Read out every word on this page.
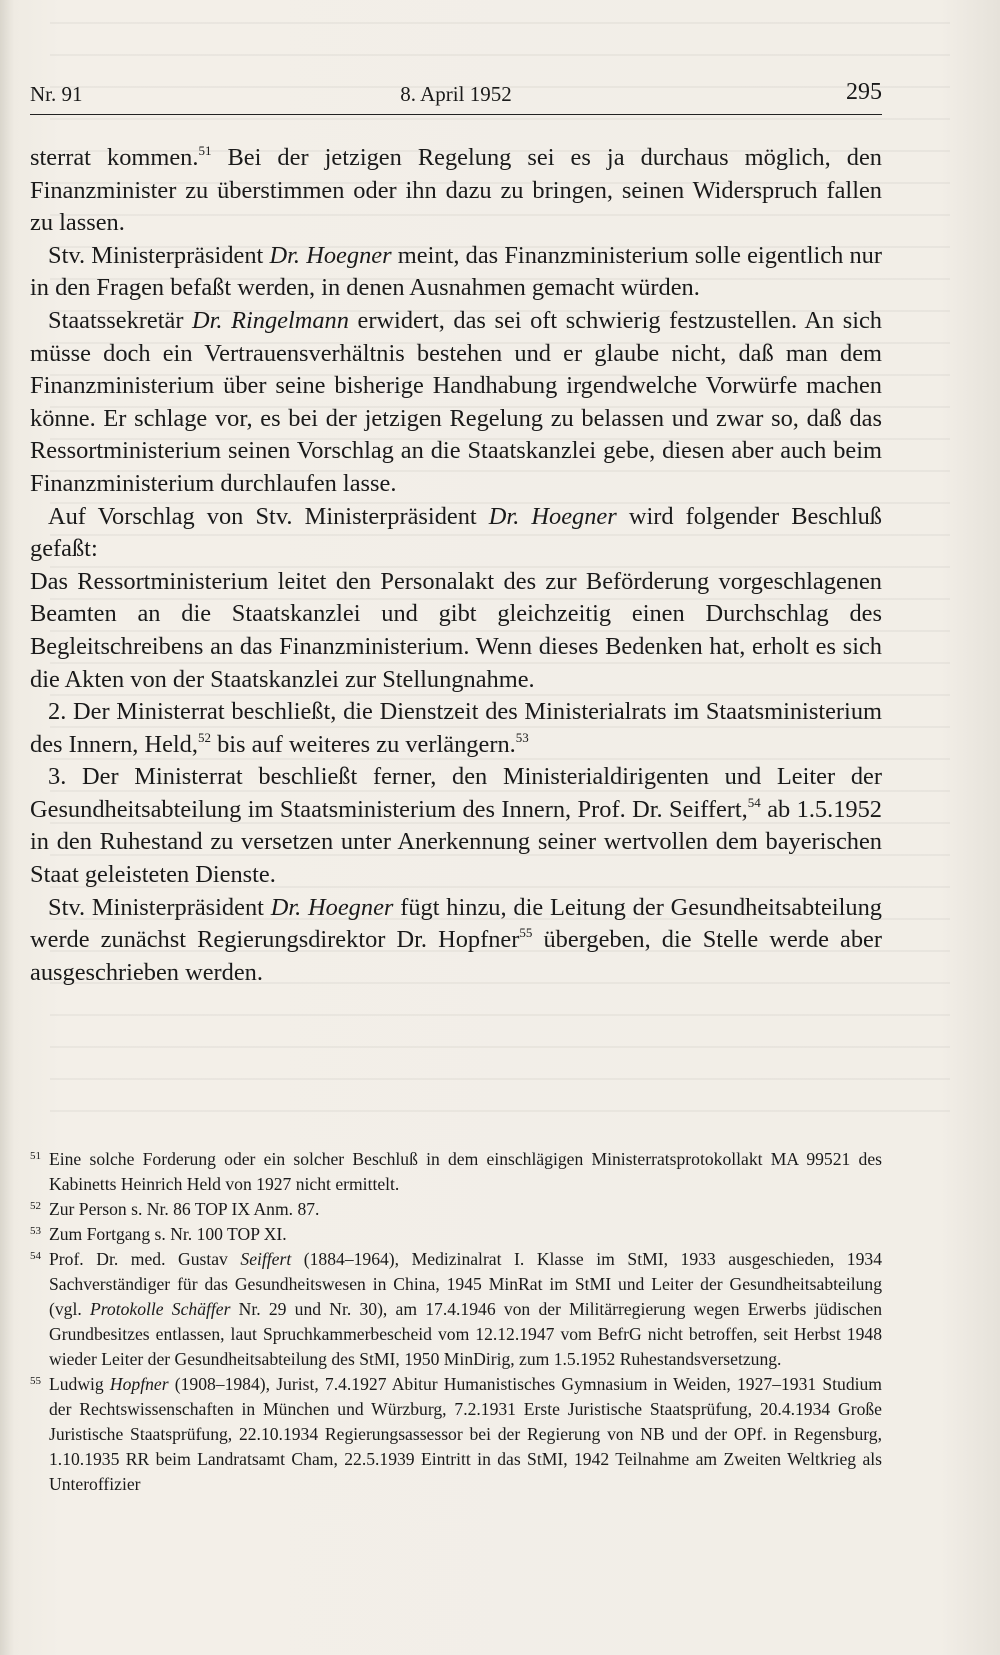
Nr. 91	8. April 1952	295

sterrat kommen.$^{51}$ Bei der jetzigen Regelung sei es ja durchaus möglich, den Finanzminister zu überstimmen oder ihn dazu zu bringen, seinen Widerspruch fallen zu lassen.

Stv. Ministerpräsident Dr. Hoegner meint, das Finanzministerium solle eigentlich nur in den Fragen befaßt werden, in denen Ausnahmen gemacht würden.

Staatssekretär Dr. Ringelmann erwidert, das sei oft schwierig festzustellen. An sich müsse doch ein Vertrauensverhältnis bestehen und er glaube nicht, daß man dem Finanzministerium über seine bisherige Handhabung irgendwelche Vorwürfe machen könne. Er schlage vor, es bei der jetzigen Regelung zu belassen und zwar so, daß das Ressortministerium seinen Vorschlag an die Staatskanzlei gebe, diesen aber auch beim Finanzministerium durchlaufen lasse.

Auf Vorschlag von Stv. Ministerpräsident Dr. Hoegner wird folgender Beschluß gefaßt:

Das Ressortministerium leitet den Personalakt des zur Beförderung vorgeschlagenen Beamten an die Staatskanzlei und gibt gleichzeitig einen Durchschlag des Begleitschreibens an das Finanzministerium. Wenn dieses Bedenken hat, erholt es sich die Akten von der Staatskanzlei zur Stellungnahme.

2. Der Ministerrat beschließt, die Dienstzeit des Ministerialrats im Staatsministerium des Innern, Held,$^{52}$ bis auf weiteres zu verlängern.$^{53}$

3. Der Ministerrat beschließt ferner, den Ministerialdirigenten und Leiter der Gesundheitsabteilung im Staatsministerium des Innern, Prof. Dr. Seiffert,$^{54}$ ab 1.5.1952 in den Ruhestand zu versetzen unter Anerkennung seiner wertvollen dem bayerischen Staat geleisteten Dienste.

Stv. Ministerpräsident Dr. Hoegner fügt hinzu, die Leitung der Gesundheitsabteilung werde zunächst Regierungsdirektor Dr. Hopfner$^{55}$ übergeben, die Stelle werde aber ausgeschrieben werden.

51 Eine solche Forderung oder ein solcher Beschluß in dem einschlägigen Ministerratsprotokollakt MA 99521 des Kabinetts Heinrich Held von 1927 nicht ermittelt.
52 Zur Person s. Nr. 86 TOP IX Anm. 87.
53 Zum Fortgang s. Nr. 100 TOP XI.
54 Prof. Dr. med. Gustav Seiffert (1884–1964), Medizinalrat I. Klasse im StMI, 1933 ausgeschieden, 1934 Sachverständiger für das Gesundheitswesen in China, 1945 MinRat im StMI und Leiter der Gesundheitsabteilung (vgl. Protokolle Schäffer Nr. 29 und Nr. 30), am 17.4.1946 von der Militärregierung wegen Erwerbs jüdischen Grundbesitzes entlassen, laut Spruchkammerbescheid vom 12.12.1947 vom BefrG nicht betroffen, seit Herbst 1948 wieder Leiter der Gesundheitsabteilung des StMI, 1950 MinDirig, zum 1.5.1952 Ruhestandsversetzung.
55 Ludwig Hopfner (1908–1984), Jurist, 7.4.1927 Abitur Humanistisches Gymnasium in Weiden, 1927–1931 Studium der Rechtswissenschaften in München und Würzburg, 7.2.1931 Erste Juristische Staatsprüfung, 20.4.1934 Große Juristische Staatsprüfung, 22.10.1934 Regierungsassessor bei der Regierung von NB und der OPf. in Regensburg, 1.10.1935 RR beim Landratsamt Cham, 22.5.1939 Eintritt in das StMI, 1942 Teilnahme am Zweiten Weltkrieg als Unteroffizier
